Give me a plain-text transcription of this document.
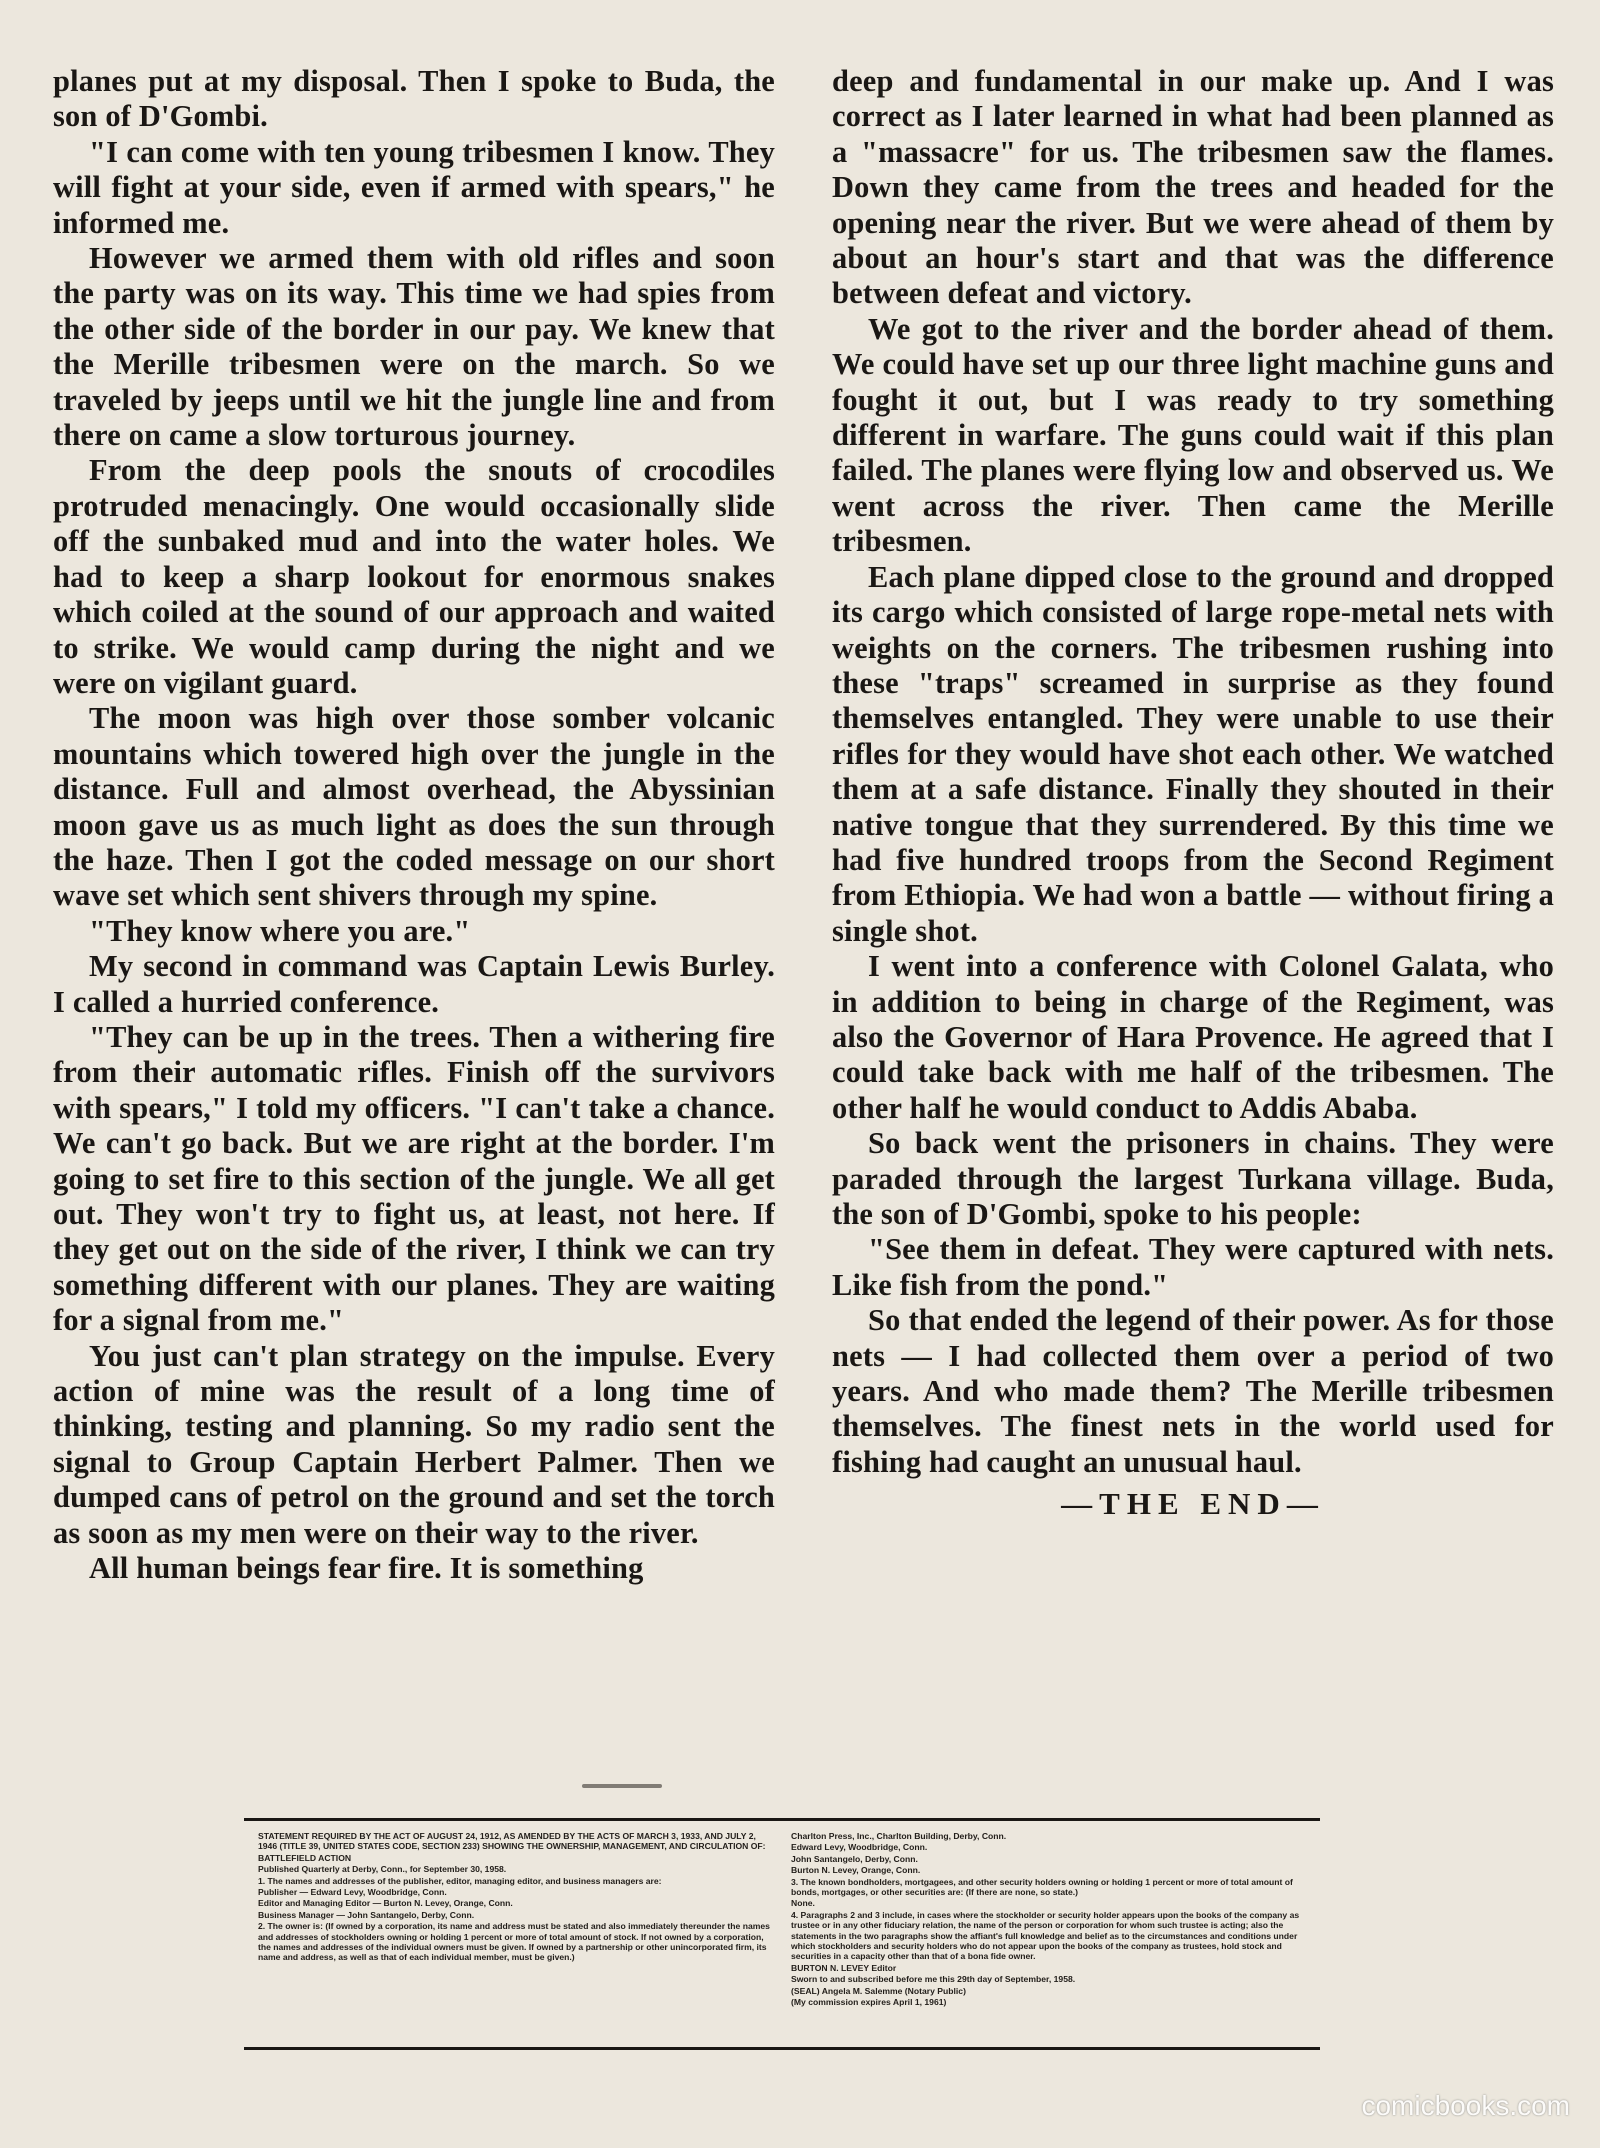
planes put at my disposal. Then I spoke to Buda, the son of D'Gombi.

"I can come with ten young tribesmen I know. They will fight at your side, even if armed with spears," he informed me.

However we armed them with old rifles and soon the party was on its way. This time we had spies from the other side of the border in our pay. We knew that the Merille tribesmen were on the march. So we traveled by jeeps until we hit the jungle line and from there on came a slow torturous journey.

From the deep pools the snouts of crocodiles protruded menacingly. One would occasionally slide off the sunbaked mud and into the water holes. We had to keep a sharp lookout for enormous snakes which coiled at the sound of our approach and waited to strike. We would camp during the night and we were on vigilant guard.

The moon was high over those somber volcanic mountains which towered high over the jungle in the distance. Full and almost overhead, the Abyssinian moon gave us as much light as does the sun through the haze. Then I got the coded message on our short wave set which sent shivers through my spine.

"They know where you are."

My second in command was Captain Lewis Burley. I called a hurried conference.

"They can be up in the trees. Then a withering fire from their automatic rifles. Finish off the survivors with spears," I told my officers. "I can't take a chance. We can't go back. But we are right at the border. I'm going to set fire to this section of the jungle. We all get out. They won't try to fight us, at least, not here. If they get out on the side of the river, I think we can try something different with our planes. They are waiting for a signal from me."

You just can't plan strategy on the impulse. Every action of mine was the result of a long time of thinking, testing and planning. So my radio sent the signal to Group Captain Herbert Palmer. Then we dumped cans of petrol on the ground and set the torch as soon as my men were on their way to the river.

All human beings fear fire. It is something

deep and fundamental in our make up. And I was correct as I later learned in what had been planned as a "massacre" for us. The tribesmen saw the flames. Down they came from the trees and headed for the opening near the river. But we were ahead of them by about an hour's start and that was the difference between defeat and victory.

We got to the river and the border ahead of them. We could have set up our three light machine guns and fought it out, but I was ready to try something different in warfare. The guns could wait if this plan failed. The planes were flying low and observed us. We went across the river. Then came the Merille tribesmen.

Each plane dipped close to the ground and dropped its cargo which consisted of large rope-metal nets with weights on the corners. The tribesmen rushing into these "traps" screamed in surprise as they found themselves entangled. They were unable to use their rifles for they would have shot each other. We watched them at a safe distance. Finally they shouted in their native tongue that they surrendered. By this time we had five hundred troops from the Second Regiment from Ethiopia. We had won a battle — without firing a single shot.

I went into a conference with Colonel Galata, who in addition to being in charge of the Regiment, was also the Governor of Hara Provence. He agreed that I could take back with me half of the tribesmen. The other half he would conduct to Addis Ababa.

So back went the prisoners in chains. They were paraded through the largest Turkana village. Buda, the son of D'Gombi, spoke to his people:

"See them in defeat. They were captured with nets. Like fish from the pond."

So that ended the legend of their power. As for those nets — I had collected them over a period of two years. And who made them? The Merille tribesmen themselves. The finest nets in the world used for fishing had caught an unusual haul.

—THE END—

STATEMENT REQUIRED BY THE ACT OF AUGUST 24, 1912, AS AMENDED BY THE ACTS OF MARCH 3, 1933, AND JULY 2, 1946 (TITLE 39, UNITED STATES CODE, SECTION 233) SHOWING THE OWNERSHIP, MANAGEMENT, AND CIRCULATION OF:

BATTLEFIELD ACTION

Published Quarterly at Derby, Conn., for September 30, 1958.

1. The names and addresses of the publisher, editor, managing editor, and business managers are:

Publisher — Edward Levy, Woodbridge, Conn.

Editor and Managing Editor — Burton N. Levey, Orange, Conn.

Business Manager — John Santangelo, Derby, Conn.

2. The owner is: (If owned by a corporation, its name and address must be stated and also immediately thereunder the names and addresses of stockholders owning or holding 1 percent or more of total amount of stock. If not owned by a corporation, the names and addresses of the individual owners must be given. If owned by a partnership or other unincorporated firm, its name and address, as well as that of each individual member, must be given.)

Charlton Press, Inc., Charlton Building, Derby, Conn.

Edward Levy, Woodbridge, Conn.

John Santangelo, Derby, Conn.

Burton N. Levey, Orange, Conn.

3. The known bondholders, mortgagees, and other security holders owning or holding 1 percent or more of total amount of bonds, mortgages, or other securities are: (If there are none, so state.)

None.

4. Paragraphs 2 and 3 include, in cases where the stockholder or security holder appears upon the books of the company as trustee or in any other fiduciary relation, the name of the person or corporation for whom such trustee is acting; also the statements in the two paragraphs show the affiant's full knowledge and belief as to the circumstances and conditions under which stockholders and security holders who do not appear upon the books of the company as trustees, hold stock and securities in a capacity other than that of a bona fide owner.

BURTON N. LEVEY Editor

Sworn to and subscribed before me this 29th day of September, 1958.

(SEAL) Angela M. Salemme (Notary Public)

(My commission expires April 1, 1961)

comicbooks.com
